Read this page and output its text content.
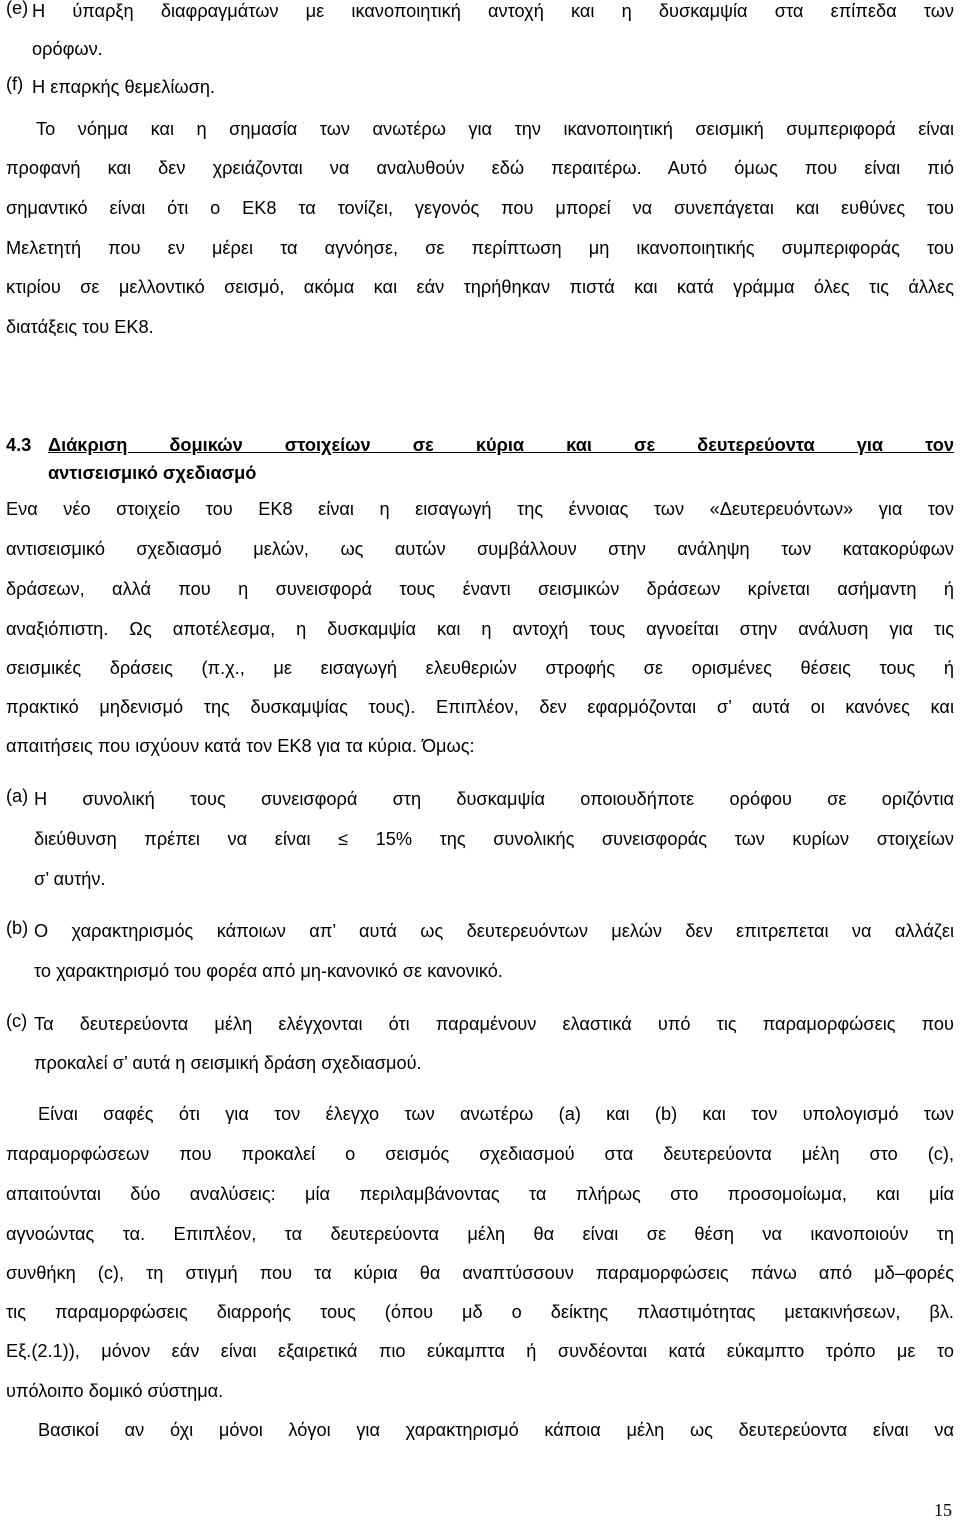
(e) Η ύπαρξη διαφραγμάτων με ικανοποιητική αντοχή και η δυσκαμψία στα επίπεδα των
ορόφων.
(f) Η επαρκής θεμελίωση.
Το νόημα και η σημασία των ανωτέρω για την ικανοποιητική σεισμική συμπεριφορά είναι
προφανή και δεν χρειάζονται να αναλυθούν εδώ περαιτέρω. Αυτό όμως που είναι πιό
σημαντικό είναι ότι ο ΕΚ8 τα τονίζει, γεγονός που μπορεί να συνεπάγεται και ευθύνες του
Μελετητή που εν μέρει τα αγνόησε, σε περίπτωση μη ικανοποιητικής συμπεριφοράς του
κτιρίου σε μελλοντικό σεισμό, ακόμα και εάν τηρήθηκαν πιστά και κατά γράμμα όλες τις άλλες
διατάξεις του ΕΚ8.
4.3 Διάκριση δομικών στοιχείων σε κύρια και σε δευτερεύοντα για τον
αντισεισμικό σχεδιασμό
Ενα νέο στοιχείο του ΕΚ8 είναι η εισαγωγή της έννοιας των «Δευτερευόντων» για τον
αντισεισμικό σχεδιασμό μελών, ως αυτών συμβάλλουν στην ανάληψη των κατακορύφων
δράσεων, αλλά που η συνεισφορά τους έναντι σεισμικών δράσεων κρίνεται ασήμαντη ή
αναξιόπιστη. Ως αποτέλεσμα, η δυσκαμψία και η αντοχή τους αγνοείται στην ανάλυση για τις
σεισμικές δράσεις (π.χ., με εισαγωγή ελευθεριών στροφής σε ορισμένες θέσεις τους ή
πρακτικό μηδενισμό της δυσκαμψίας τους). Επιπλέον, δεν εφαρμόζονται σ’ αυτά οι κανόνες και
απαιτήσεις που ισχύουν κατά τον ΕΚ8 για τα κύρια. Όμως:
(a) Η συνολική τους συνεισφορά στη δυσκαμψία οποιουδήποτε ορόφου σε οριζόντια
διεύθυνση πρέπει να είναι ≤ 15% της συνολικής συνεισφοράς των κυρίων στοιχείων
σ’ αυτήν.
(b) Ο χαρακτηρισμός κάποιων απ’ αυτά ως δευτερευόντων μελών δεν επιτρεπεται να αλλάζει
το χαρακτηρισμό του φορέα από μη-κανονικό σε κανονικό.
(c) Τα δευτερεύοντα μέλη ελέγχονται ότι παραμένουν ελαστικά υπό τις παραμορφώσεις που
προκαλεί σ’ αυτά η σεισμική δράση σχεδιασμού.
Είναι σαφές ότι για τον έλεγχο των ανωτέρω (a) και (b) και τον υπολογισμό των
παραμορφώσεων που προκαλεί ο σεισμός σχεδιασμού στα δευτερεύοντα μέλη στο (c),
απαιτούνται δύο αναλύσεις: μία περιλαμβάνοντας τα πλήρως στο προσομοίωμα, και μία
αγνοώντας τα. Επιπλέον, τα δευτερεύοντα μέλη θα είναι σε θέση να ικανοποιούν τη
συνθήκη (c), τη στιγμή που τα κύρια θα αναπτύσσουν παραμορφώσεις πάνω από μδ–φορές
τις παραμορφώσεις διαρροής τους (όπου μδ ο δείκτης πλαστιμότητας μετακινήσεων, βλ.
Εξ.(2.1)), μόνον εάν είναι εξαιρετικά πιο εύκαμπτα ή συνδέονται κατά εύκαμπτο τρόπο με το
υπόλοιπο δομικό σύστημα.
Βασικοί αν όχι μόνοι λόγοι για χαρακτηρισμό κάποια μέλη ως δευτερεύοντα είναι να
15
